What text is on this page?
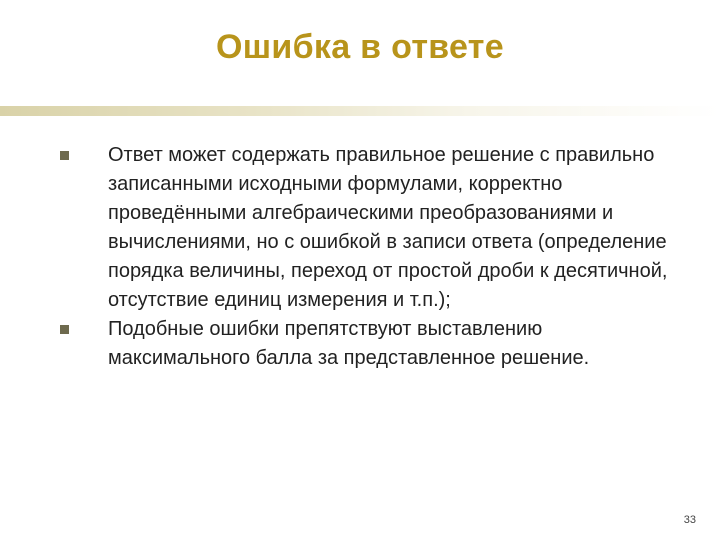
Ошибка в ответе
Ответ может содержать правильное решение с правильно записанными исходными формулами, корректно проведёнными алгебраическими преобразованиями и вычислениями, но с ошибкой в записи ответа (определение порядка величины, переход от простой дроби к десятичной, отсутствие единиц измерения и т.п.);
Подобные ошибки препятствуют выставлению максимального балла за представленное решение.
33
